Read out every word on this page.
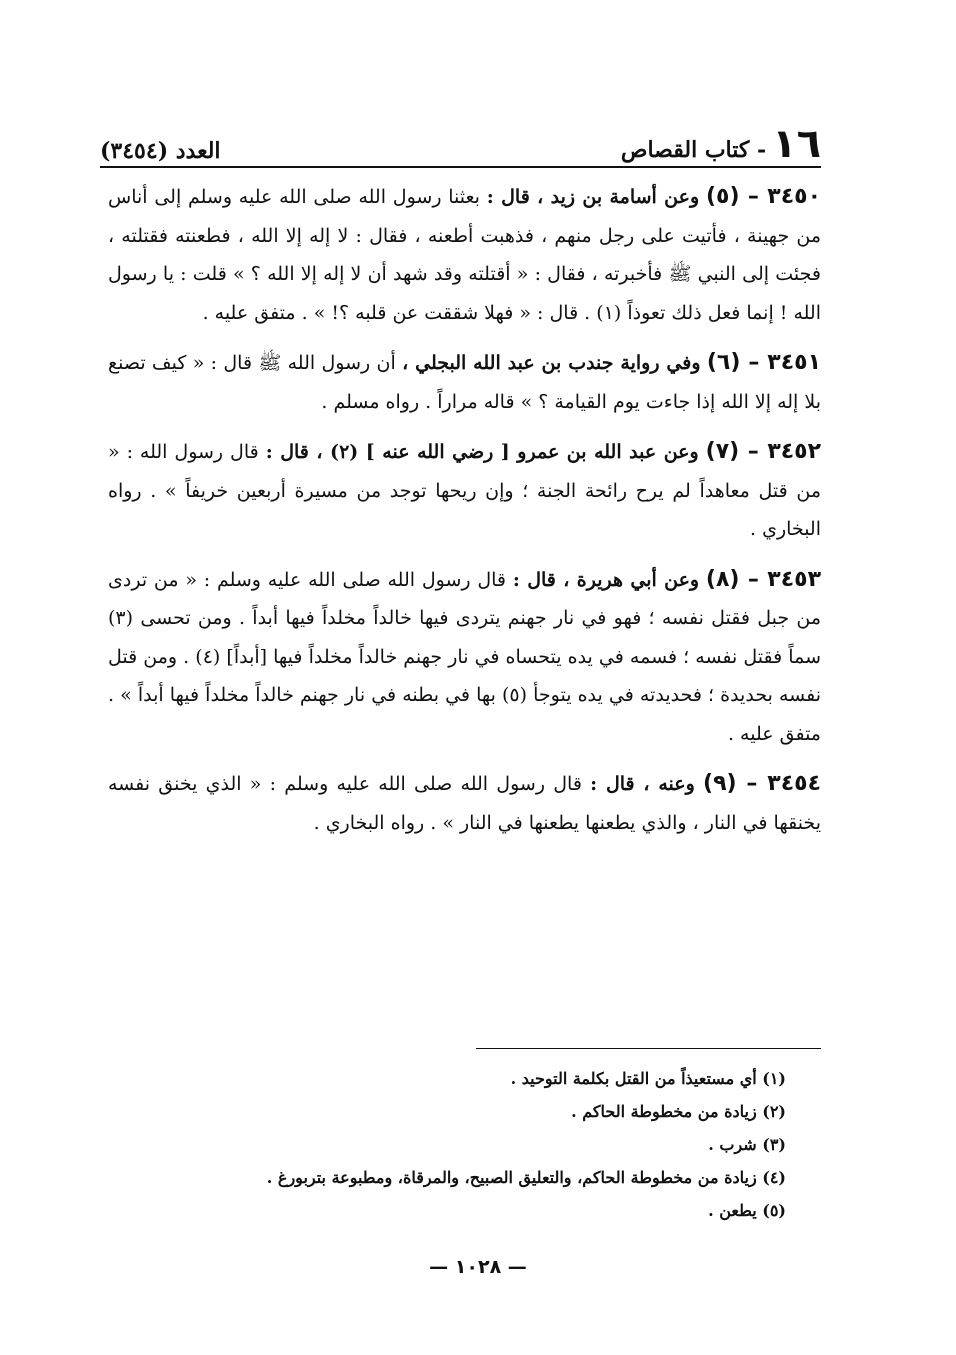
١٦
- كتاب القصاص
العدد (٣٤٥٤)

٣٤٥٠ – (٥) وعن أسامة بن زيد ، قال : بعثنا رسول الله صلى الله عليه وسلم إلى أناس من جهينة ، فأتيت على رجل منهم ، فذهبت أطعنه ، فقال : لا إله إلا الله ، فطعنته فقتلته ، فجئت إلى النبي ﷺ فأخبرته ، فقال : « أقتلته وقد شهد أن لا إله إلا الله ؟ » قلت : يا رسول الله ! إنما فعل ذلك تعوذاً (١) . قال : « فهلا شققت عن قلبه ؟! » . متفق عليه .

٣٤٥١ – (٦) وفي رواية جندب بن عبد الله البجلي ، أن رسول الله ﷺ قال : « كيف تصنع بلا إله إلا الله إذا جاءت يوم القيامة ؟ » قاله مراراً . رواه مسلم .

٣٤٥٢ – (٧) وعن عبد الله بن عمرو [ رضي الله عنه ] (٢) ، قال : قال رسول الله : « من قتل معاهداً لم يرح رائحة الجنة ؛ وإن ريحها توجد من مسيرة أربعين خريفاً » . رواه البخاري .

٣٤٥٣ – (٨) وعن أبي هريرة ، قال : قال رسول الله صلى الله عليه وسلم : « من تردى من جبل فقتل نفسه ؛ فهو في نار جهنم يتردى فيها خالداً مخلداً فيها أبداً . ومن تحسى (٣) سماً فقتل نفسه ؛ فسمه في يده يتحساه في نار جهنم خالداً مخلداً فيها [أبداً] (٤) . ومن قتل نفسه بحديدة ؛ فحديدته في يده يتوجأ (٥) بها في بطنه في نار جهنم خالداً مخلداً فيها أبداً » . متفق عليه .

٣٤٥٤ – (٩) وعنه ، قال : قال رسول الله صلى الله عليه وسلم : « الذي يخنق نفسه يخنقها في النار ، والذي يطعنها يطعنها في النار » . رواه البخاري .

(١) أي مستعيذاً من القتل بكلمة التوحيد .
(٢) زيادة من مخطوطة الحاكم .
(٣) شرب .
(٤) زيادة من مخطوطة الحاكم، والتعليق الصبيح، والمرقاة، ومطبوعة بتربورغ .
(٥) يطعن .
— ١٠٢٨ —
